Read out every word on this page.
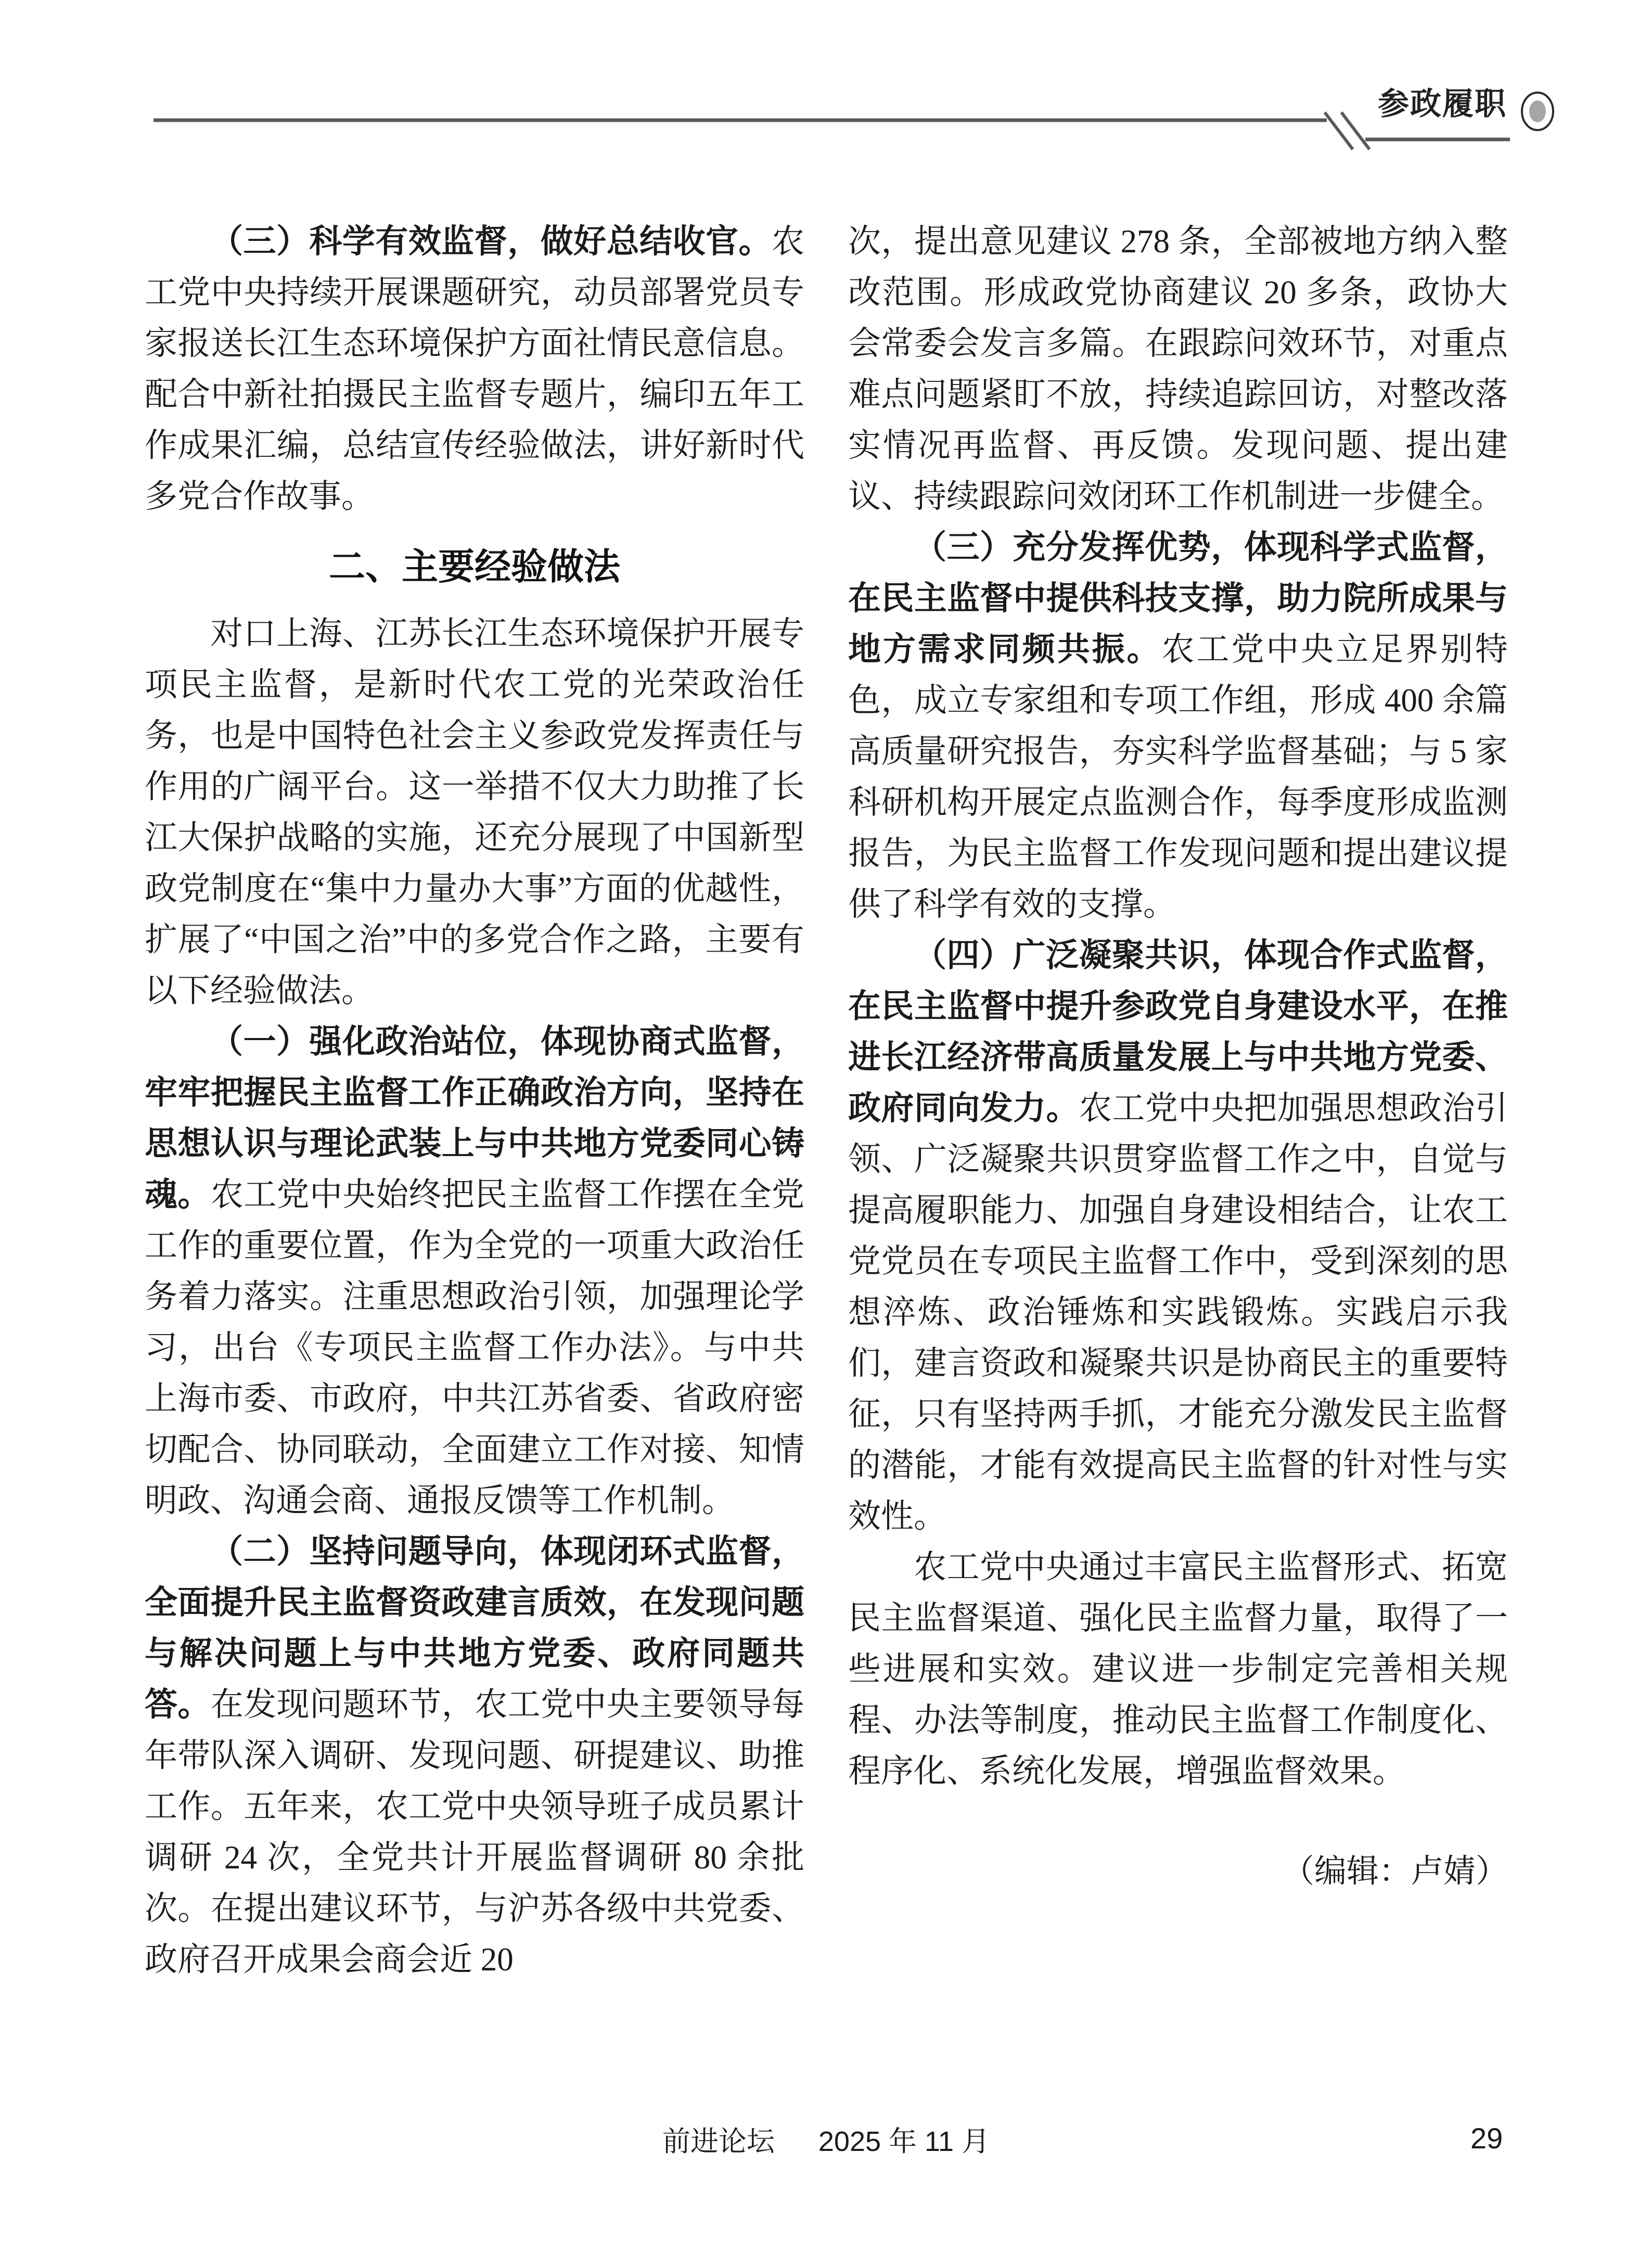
参政履职

（三）科学有效监督，做好总结收官。农工党中央持续开展课题研究，动员部署党员专家报送长江生态环境保护方面社情民意信息。配合中新社拍摄民主监督专题片，编印五年工作成果汇编，总结宣传经验做法，讲好新时代多党合作故事。

二、主要经验做法

对口上海、江苏长江生态环境保护开展专项民主监督，是新时代农工党的光荣政治任务，也是中国特色社会主义参政党发挥责任与作用的广阔平台。这一举措不仅大力助推了长江大保护战略的实施，还充分展现了中国新型政党制度在“集中力量办大事”方面的优越性，扩展了“中国之治”中的多党合作之路，主要有以下经验做法。

（一）强化政治站位，体现协商式监督，牢牢把握民主监督工作正确政治方向，坚持在思想认识与理论武装上与中共地方党委同心铸魂。农工党中央始终把民主监督工作摆在全党工作的重要位置，作为全党的一项重大政治任务着力落实。注重思想政治引领，加强理论学习，出台《专项民主监督工作办法》。与中共上海市委、市政府，中共江苏省委、省政府密切配合、协同联动，全面建立工作对接、知情明政、沟通会商、通报反馈等工作机制。

（二）坚持问题导向，体现闭环式监督，全面提升民主监督资政建言质效，在发现问题与解决问题上与中共地方党委、政府同题共答。在发现问题环节，农工党中央主要领导每年带队深入调研、发现问题、研提建议、助推工作。五年来，农工党中央领导班子成员累计调研 24 次，全党共计开展监督调研 80 余批次。在提出建议环节，与沪苏各级中共党委、政府召开成果会商会近 20

次，提出意见建议 278 条，全部被地方纳入整改范围。形成政党协商建议 20 多条，政协大会常委会发言多篇。在跟踪问效环节，对重点难点问题紧盯不放，持续追踪回访，对整改落实情况再监督、再反馈。发现问题、提出建议、持续跟踪问效闭环工作机制进一步健全。

（三）充分发挥优势，体现科学式监督，在民主监督中提供科技支撑，助力院所成果与地方需求同频共振。农工党中央立足界别特色，成立专家组和专项工作组，形成 400 余篇高质量研究报告，夯实科学监督基础；与 5 家科研机构开展定点监测合作，每季度形成监测报告，为民主监督工作发现问题和提出建议提供了科学有效的支撑。

（四）广泛凝聚共识，体现合作式监督，在民主监督中提升参政党自身建设水平，在推进长江经济带高质量发展上与中共地方党委、政府同向发力。农工党中央把加强思想政治引领、广泛凝聚共识贯穿监督工作之中，自觉与提高履职能力、加强自身建设相结合，让农工党党员在专项民主监督工作中，受到深刻的思想淬炼、政治锤炼和实践锻炼。实践启示我们，建言资政和凝聚共识是协商民主的重要特征，只有坚持两手抓，才能充分激发民主监督的潜能，才能有效提高民主监督的针对性与实效性。

农工党中央通过丰富民主监督形式、拓宽民主监督渠道、强化民主监督力量，取得了一些进展和实效。建议进一步制定完善相关规程、办法等制度，推动民主监督工作制度化、程序化、系统化发展，增强监督效果。

（编辑：卢婧）

前进论坛 2025 年 11 月	29
